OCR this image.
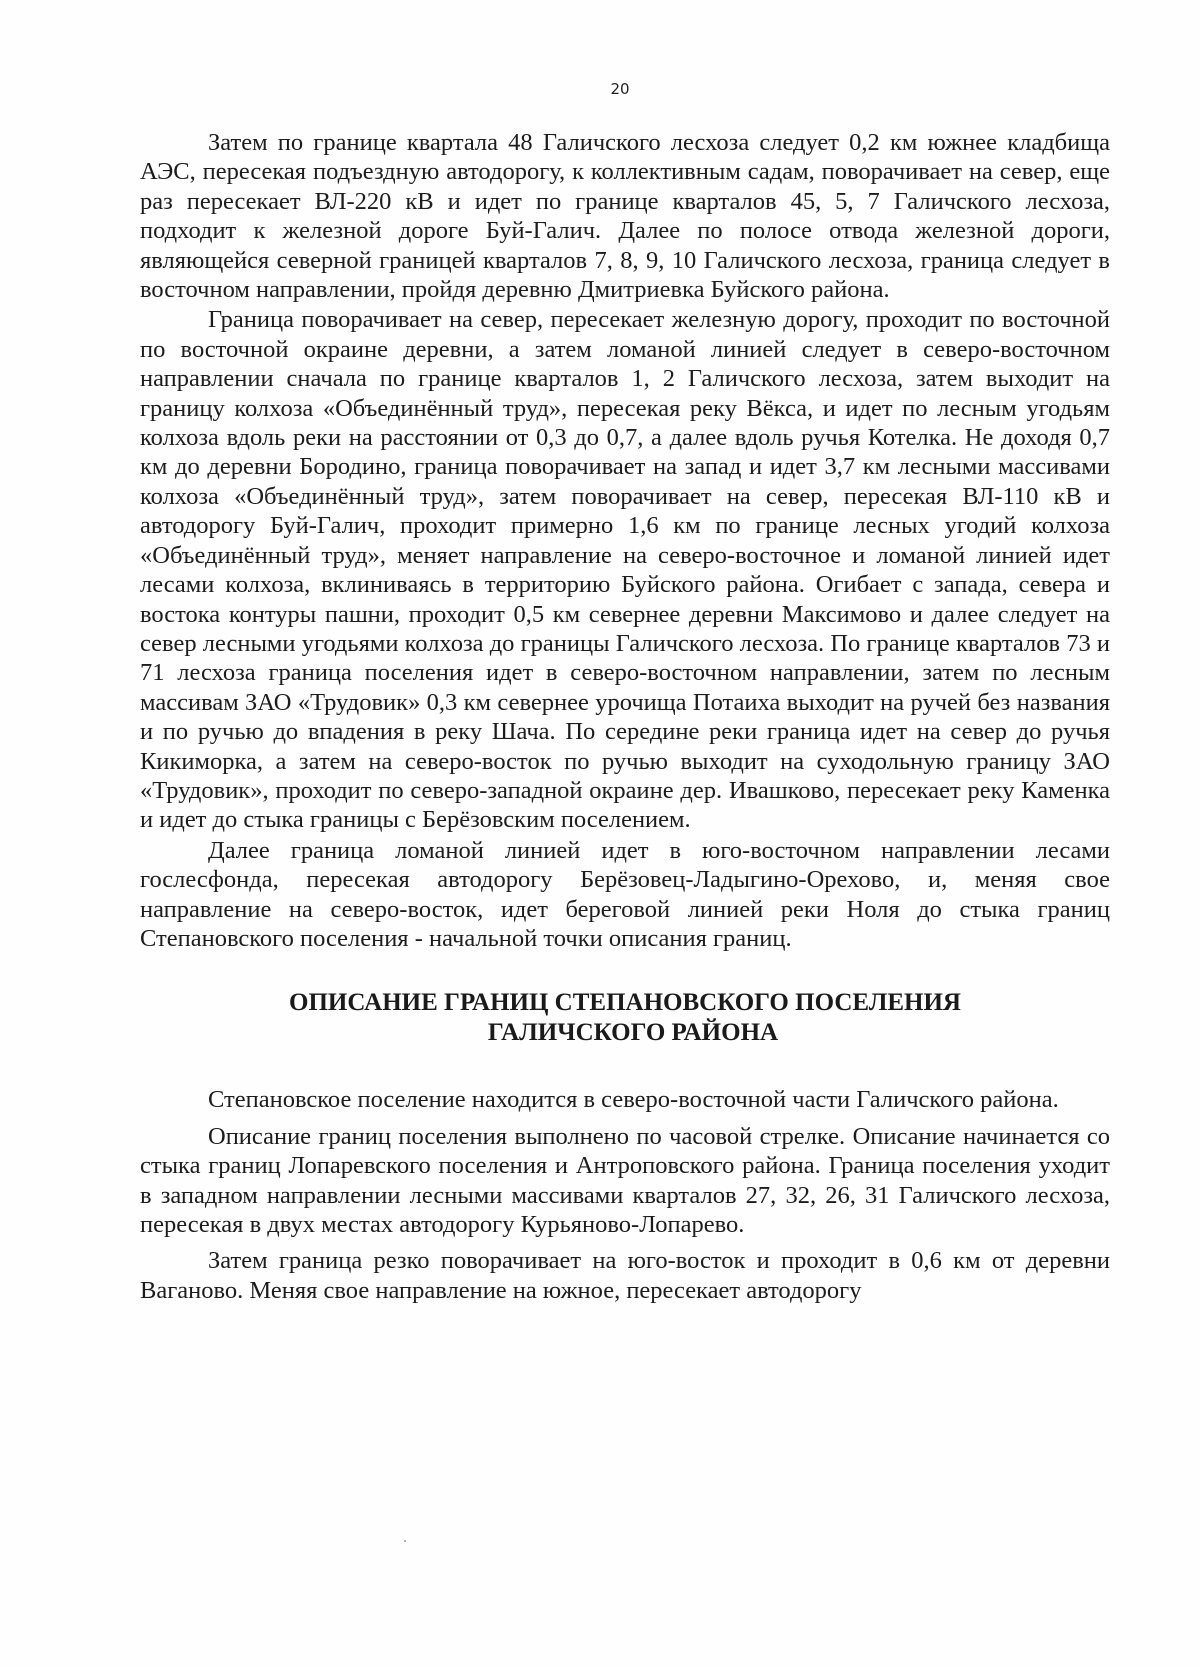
20

Затем по границе квартала 48 Галичского лесхоза следует 0,2 км южнее кладбища АЭС, пересекая подъездную автодорогу, к коллективным садам, поворачивает на север, еще раз пересекает ВЛ-220 кВ и идет по границе кварталов 45, 5, 7 Галичского лесхоза, подходит к железной дороге Буй-Галич. Далее по полосе отвода железной дороги, являющейся северной границей кварталов 7, 8, 9, 10 Галичского лесхоза, граница следует в восточном направлении, пройдя деревню Дмитриевка Буйского района.

Граница поворачивает на север, пересекает железную дорогу, проходит по восточной по восточной окраине деревни, а затем ломаной линией следует в северо-восточном направлении сначала по границе кварталов 1, 2 Галичского лесхоза, затем выходит на границу колхоза «Объединённый труд», пересекая реку Вёкса, и идет по лесным угодьям колхоза вдоль реки на расстоянии от 0,3 до 0,7, а далее вдоль ручья Котелка. Не доходя 0,7 км до деревни Бородино, граница поворачивает на запад и идет 3,7 км лесными массивами колхоза «Объединённый труд», затем поворачивает на север, пересекая ВЛ-110 кВ и автодорогу Буй-Галич, проходит примерно 1,6 км по границе лесных угодий колхоза «Объединённый труд», меняет направление на северо-восточное и ломаной линией идет лесами колхоза, вклиниваясь в территорию Буйского района. Огибает с запада, севера и востока контуры пашни, проходит 0,5 км севернее деревни Максимово и далее следует на север лесными угодьями колхоза до границы Галичского лесхоза. По границе кварталов 73 и 71 лесхоза граница поселения идет в северо-восточном направлении, затем по лесным массивам ЗАО «Трудовик» 0,3 км севернее урочища Потаиха выходит на ручей без названия и по ручью до впадения в реку Шача. По середине реки граница идет на север до ручья Кикиморка, а затем на северо-восток по ручью выходит на суходольную границу ЗАО «Трудовик», проходит по северо-западной окраине дер. Ивашково, пересекает реку Каменка и идет до стыка границы с Берёзовским поселением.

Далее граница ломаной линией идет в юго-восточном направлении лесами гослесфонда, пересекая автодорогу Берёзовец-Ладыгино-Орехово, и, меняя свое направление на северо-восток, идет береговой линией реки Ноля до стыка границ Степановского поселения - начальной точки описания границ.

ОПИСАНИЕ ГРАНИЦ СТЕПАНОВСКОГО ПОСЕЛЕНИЯ
ГАЛИЧСКОГО РАЙОНА

Степановское поселение находится в северо-восточной части Галичского района.

Описание границ поселения выполнено по часовой стрелке. Описание начинается со стыка границ Лопаревского поселения и Антроповского района. Граница поселения уходит в западном направлении лесными массивами кварталов 27, 32, 26, 31 Галичского лесхоза, пересекая в двух местах автодорогу Курьяново-Лопарево.

Затем граница резко поворачивает на юго-восток и проходит в 0,6 км от деревни Ваганово. Меняя свое направление на южное, пересекает автодорогу
